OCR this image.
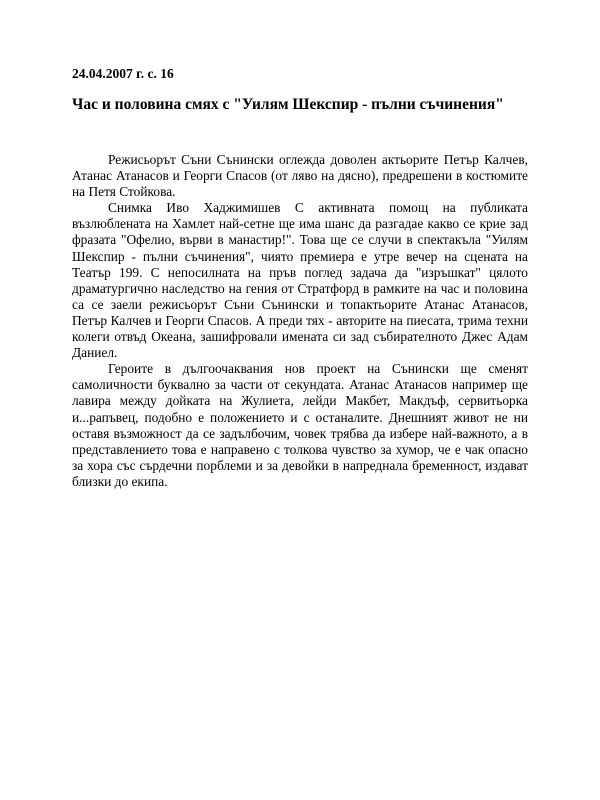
24.04.2007 г. с. 16
Час и половина смях с "Уилям Шекспир - пълни съчинения"

Режисьорът Съни Сънински оглежда доволен актьорите Петър Калчев, Атанас Атанасов и Георги Спасов (от ляво на дясно), предрешени в костюмите на Петя Стойкова.

Снимка Иво Хаджимишев С активната помощ на публиката възлюблената на Хамлет най-сетне ще има шанс да разгадае какво се крие зад фразата "Офелио, върви в манастир!". Това ще се случи в спектакъла "Уилям Шекспир - пълни съчинения", чиято премиера е утре вечер на сцената на Театър 199. С непосилната на пръв поглед задача да "изръшкат" цялото драматургично наследство на гения от Стратфорд в рамките на час и половина са се заели режисьорът Съни Сънински и топактьорите Атанас Атанасов, Петър Калчев и Георги Спасов. А преди тях - авторите на пиесата, трима техни колеги отвъд Океана, зашифровали имената си зад събирателното Джес Адам Даниел.

Героите в дългоочаквания нов проект на Сънински ще сменят самоличности буквално за части от секундата. Атанас Атанасов например ще лавира между дойката на Жулиета, лейди Макбет, Макдъф, сервитьорка и...рапъвец, подобно е положението и с останалите. Днешният живот не ни оставя възможност да се задълбочим, човек трябва да избере най-важното, а в представлението това е направено с толкова чувство за хумор, че е чак опасно за хора със сърдечни порблеми и за девойки в напреднала бременност, издават близки до екипа.
